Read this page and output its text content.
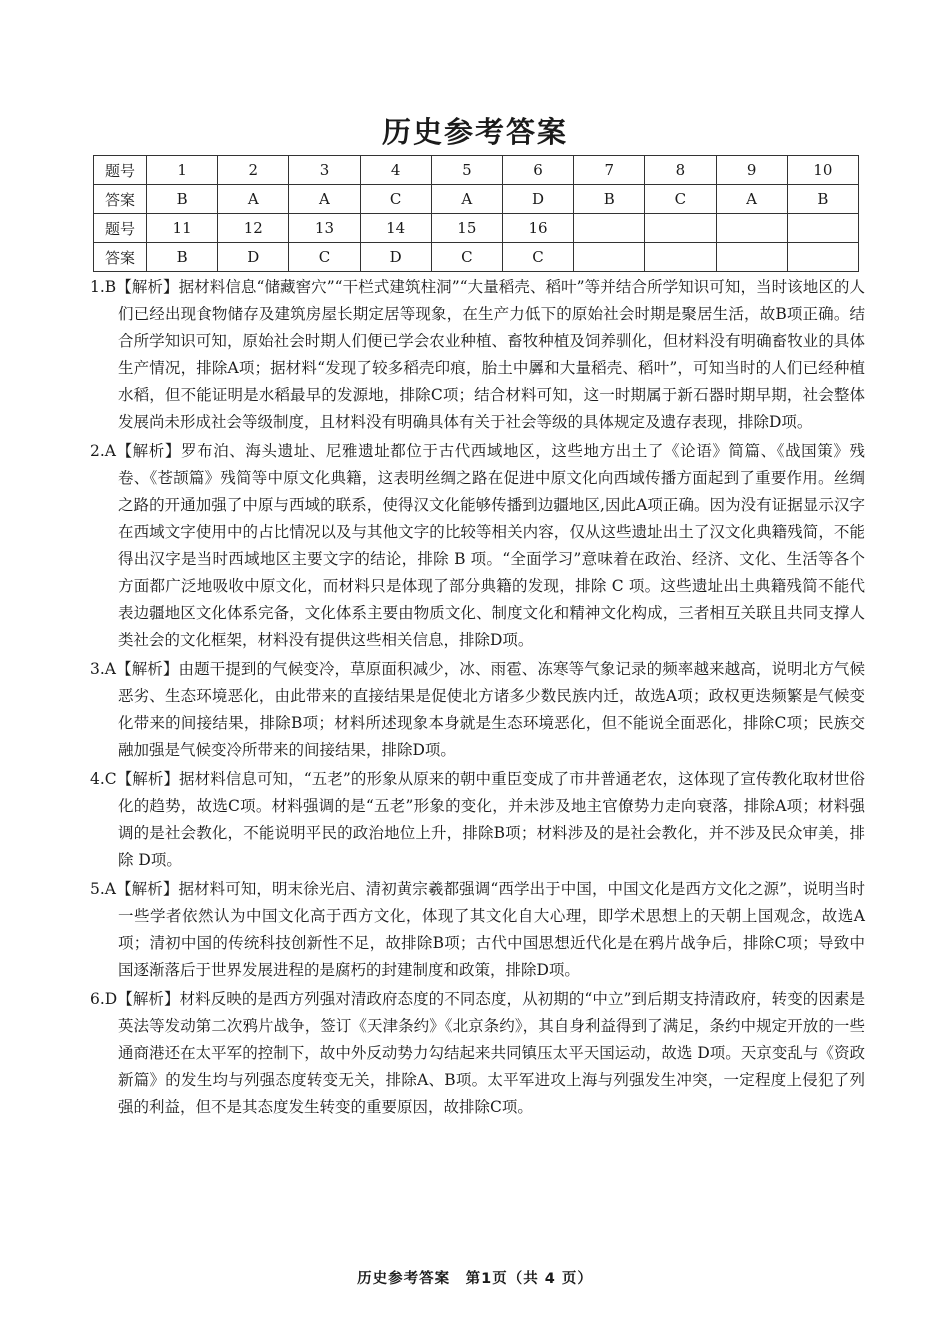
历史参考答案
题号	1	2	3	4	5	6	7	8	9	10
答案	B	A	A	C	A	D	B	C	A	B
题号	11	12	13	14	15	16				
答案	B	D	C	D	C	C				

1.B【解析】据材料信息“储藏窖穴”“干栏式建筑柱洞”“大量稻壳、稻叶”等并结合所学知识可知，当时该地区的人们已经出现食物储存及建筑房屋长期定居等现象，在生产力低下的原始社会时期是聚居生活，故B项正确。结合所学知识可知，原始社会时期人们便已学会农业种植、畜牧种植及饲养驯化，但材料没有明确畜牧业的具体生产情况，排除A项；据材料“发现了较多稻壳印痕，胎土中羼和大量稻壳、稻叶”，可知当时的人们已经种植水稻，但不能证明是水稻最早的发源地，排除C项；结合材料可知，这一时期属于新石器时期早期，社会整体发展尚未形成社会等级制度，且材料没有明确具体有关于社会等级的具体规定及遗存表现，排除D项。

2.A【解析】罗布泊、海头遗址、尼雅遗址都位于古代西域地区，这些地方出土了《论语》简篇、《战国策》残卷、《苍颉篇》残简等中原文化典籍，这表明丝绸之路在促进中原文化向西域传播方面起到了重要作用。丝绸之路的开通加强了中原与西域的联系，使得汉文化能够传播到边疆地区,因此A项正确。因为没有证据显示汉字在西域文字使用中的占比情况以及与其他文字的比较等相关内容，仅从这些遗址出土了汉文化典籍残简，不能得出汉字是当时西域地区主要文字的结论，排除 B 项。“全面学习”意味着在政治、经济、文化、生活等各个方面都广泛地吸收中原文化，而材料只是体现了部分典籍的发现，排除 C 项。这些遗址出土典籍残简不能代表边疆地区文化体系完备，文化体系主要由物质文化、制度文化和精神文化构成，三者相互关联且共同支撑人类社会的文化框架，材料没有提供这些相关信息，排除D项。

3.A【解析】由题干提到的气候变冷，草原面积减少，冰、雨雹、冻寒等气象记录的频率越来越高，说明北方气候恶劣、生态环境恶化，由此带来的直接结果是促使北方诸多少数民族内迁，故选A项；政权更迭频繁是气候变化带来的间接结果，排除B项；材料所述现象本身就是生态环境恶化，但不能说全面恶化，排除C项；民族交融加强是气候变冷所带来的间接结果，排除D项。

4.C【解析】据材料信息可知，“五老”的形象从原来的朝中重臣变成了市井普通老农，这体现了宣传教化取材世俗化的趋势，故选C项。材料强调的是“五老”形象的变化，并未涉及地主官僚势力走向衰落，排除A项；材料强调的是社会教化，不能说明平民的政治地位上升，排除B项；材料涉及的是社会教化，并不涉及民众审美，排除 D项。

5.A【解析】据材料可知，明末徐光启、清初黄宗羲都强调“西学出于中国，中国文化是西方文化之源”，说明当时一些学者依然认为中国文化高于西方文化，体现了其文化自大心理，即学术思想上的天朝上国观念，故选A项；清初中国的传统科技创新性不足，故排除B项；古代中国思想近代化是在鸦片战争后，排除C项；导致中国逐渐落后于世界发展进程的是腐朽的封建制度和政策，排除D项。

6.D【解析】材料反映的是西方列强对清政府态度的不同态度，从初期的“中立”到后期支持清政府，转变的因素是英法等发动第二次鸦片战争，签订《天津条约》《北京条约》，其自身利益得到了满足，条约中规定开放的一些通商港还在太平军的控制下，故中外反动势力勾结起来共同镇压太平天国运动，故选 D项。天京变乱与《资政新篇》的发生均与列强态度转变无关，排除A、B项。太平军进攻上海与列强发生冲突，一定程度上侵犯了列强的利益，但不是其态度发生转变的重要原因，故排除C项。

历史参考答案　第1页（共 4 页）
